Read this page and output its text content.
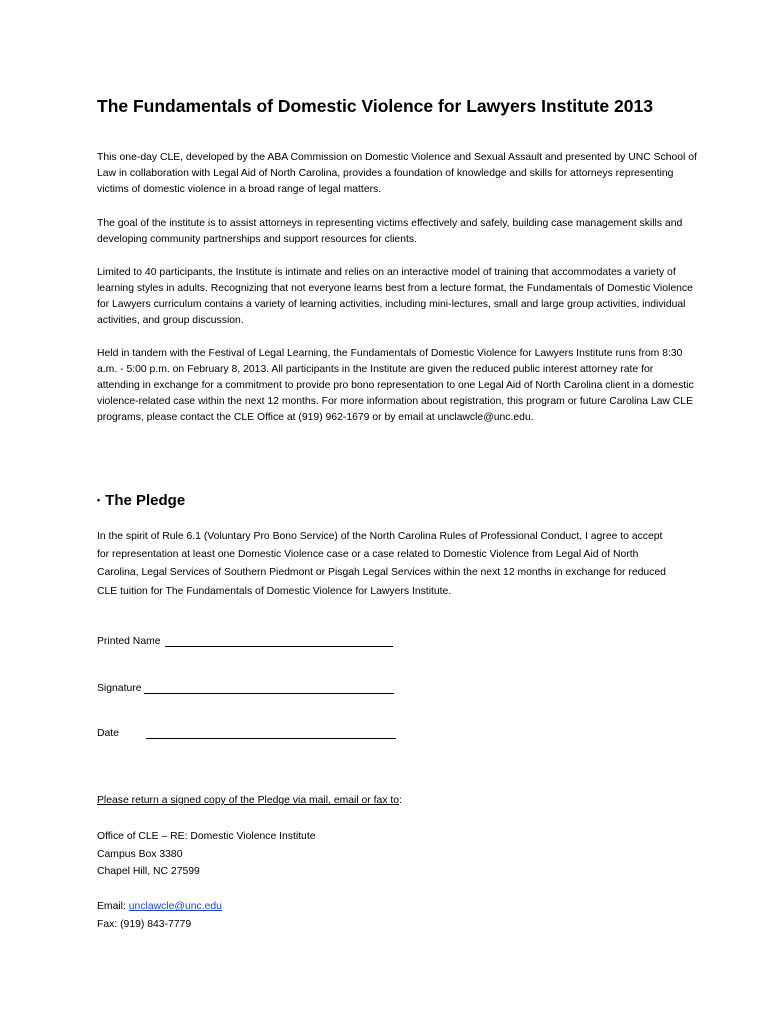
The Fundamentals of Domestic Violence for Lawyers Institute 2013
This one-day CLE, developed by the ABA Commission on Domestic Violence and Sexual Assault and presented by UNC School of Law in collaboration with Legal Aid of North Carolina, provides a foundation of knowledge and skills for attorneys representing victims of domestic violence in a broad range of legal matters.
The goal of the institute is to assist attorneys in representing victims effectively and safely, building case management skills and developing community partnerships and support resources for clients.
Limited to 40 participants, the Institute is intimate and relies on an interactive model of training that accommodates a variety of learning styles in adults. Recognizing that not everyone learns best from a lecture format, the Fundamentals of Domestic Violence for Lawyers curriculum contains a variety of learning activities, including mini-lectures, small and large group activities, individual activities, and group discussion.
Held in tandem with the Festival of Legal Learning, the Fundamentals of Domestic Violence for Lawyers Institute runs from 8:30 a.m. - 5:00 p.m. on February 8, 2013. All participants in the Institute are given the reduced public interest attorney rate for attending in exchange for a commitment to provide pro bono representation to one Legal Aid of North Carolina client in a domestic violence-related case within the next 12 months. For more information about registration, this program or future Carolina Law CLE programs, please contact the CLE Office at (919) 962-1679 or by email at unclawcle@unc.edu.
• The Pledge
In the spirit of Rule 6.1 (Voluntary Pro Bono Service) of the North Carolina Rules of Professional Conduct, I agree to accept for representation at least one Domestic Violence case or a case related to Domestic Violence from Legal Aid of North Carolina, Legal Services of Southern Piedmont or Pisgah Legal Services within the next 12 months in exchange for reduced CLE tuition for The Fundamentals of Domestic Violence for Lawyers Institute.
Printed Name
Signature
Date
Please return a signed copy of the Pledge via mail, email or fax to:
Office of CLE – RE: Domestic Violence Institute
Campus Box 3380
Chapel Hill, NC 27599
Email: unclawcle@unc.edu
Fax: (919) 843-7779
